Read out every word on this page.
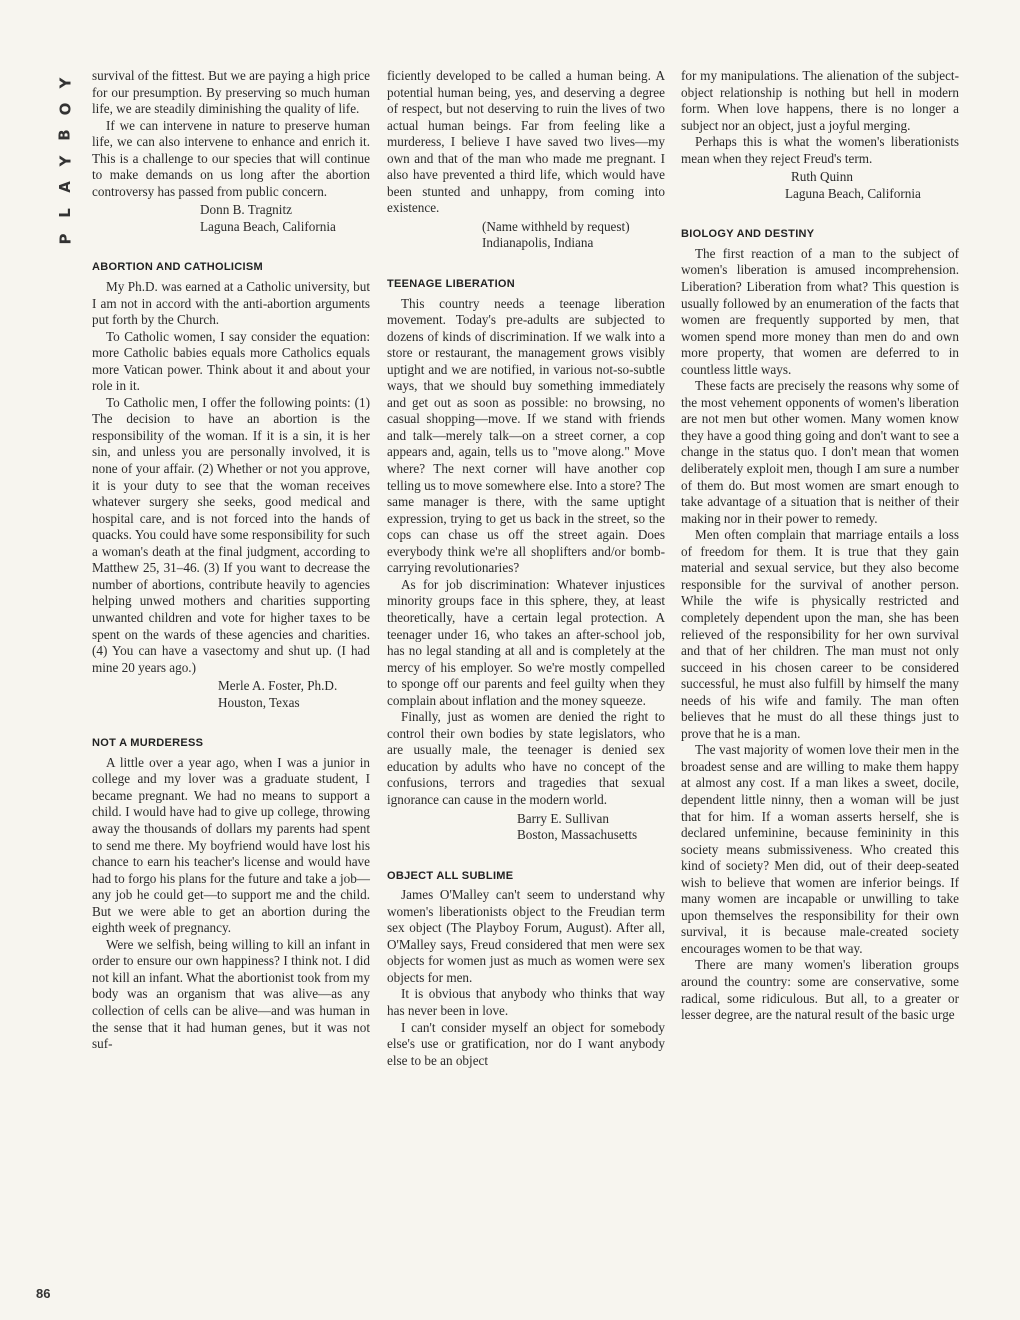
Y
O
B
Y
A
L
P
86

survival of the fittest. But we are paying a high price for our presumption. By preserving so much human life, we are steadily diminishing the quality of life.

If we can intervene in nature to preserve human life, we can also intervene to enhance and enrich it. This is a challenge to our species that will continue to make demands on us long after the abortion controversy has passed from public concern.

Donn B. Tragnitz
Laguna Beach, California
ABORTION AND CATHOLICISM

My Ph.D. was earned at a Catholic university, but I am not in accord with the anti-abortion arguments put forth by the Church.

To Catholic women, I say consider the equation: more Catholic babies equals more Catholics equals more Vatican power. Think about it and about your role in it.

To Catholic men, I offer the following points: (1) The decision to have an abortion is the responsibility of the woman. If it is a sin, it is her sin, and unless you are personally involved, it is none of your affair. (2) Whether or not you approve, it is your duty to see that the woman receives whatever surgery she seeks, good medical and hospital care, and is not forced into the hands of quacks. You could have some responsibility for such a woman's death at the final judgment, according to Matthew 25, 31–46. (3) If you want to decrease the number of abortions, contribute heavily to agencies helping unwed mothers and charities supporting unwanted children and vote for higher taxes to be spent on the wards of these agencies and charities. (4) You can have a vasectomy and shut up. (I had mine 20 years ago.)

Merle A. Foster, Ph.D.
Houston, Texas
NOT A MURDERESS

A little over a year ago, when I was a junior in college and my lover was a graduate student, I became pregnant. We had no means to support a child. I would have had to give up college, throwing away the thousands of dollars my parents had spent to send me there. My boyfriend would have lost his chance to earn his teacher's license and would have had to forgo his plans for the future and take a job—any job he could get—to support me and the child. But we were able to get an abortion during the eighth week of pregnancy.

Were we selfish, being willing to kill an infant in order to ensure our own happiness? I think not. I did not kill an infant. What the abortionist took from my body was an organism that was alive—as any collection of cells can be alive—and was human in the sense that it had human genes, but it was not suf-

ficiently developed to be called a human being. A potential human being, yes, and deserving a degree of respect, but not deserving to ruin the lives of two actual human beings. Far from feeling like a murderess, I believe I have saved two lives—my own and that of the man who made me pregnant. I also have prevented a third life, which would have been stunted and unhappy, from coming into existence.

(Name withheld by request)
Indianapolis, Indiana
TEENAGE LIBERATION

This country needs a teenage liberation movement. Today's pre-adults are subjected to dozens of kinds of discrimination. If we walk into a store or restaurant, the management grows visibly uptight and we are notified, in various not-so-subtle ways, that we should buy something immediately and get out as soon as possible: no browsing, no casual shopping—move. If we stand with friends and talk—merely talk—on a street corner, a cop appears and, again, tells us to "move along." Move where? The next corner will have another cop telling us to move somewhere else. Into a store? The same manager is there, with the same uptight expression, trying to get us back in the street, so the cops can chase us off the street again. Does everybody think we're all shoplifters and/or bomb-carrying revolutionaries?

As for job discrimination: Whatever injustices minority groups face in this sphere, they, at least theoretically, have a certain legal protection. A teenager under 16, who takes an after-school job, has no legal standing at all and is completely at the mercy of his employer. So we're mostly compelled to sponge off our parents and feel guilty when they complain about inflation and the money squeeze.

Finally, just as women are denied the right to control their own bodies by state legislators, who are usually male, the teenager is denied sex education by adults who have no concept of the confusions, terrors and tragedies that sexual ignorance can cause in the modern world.

Barry E. Sullivan
Boston, Massachusetts
OBJECT ALL SUBLIME

James O'Malley can't seem to understand why women's liberationists object to the Freudian term sex object (The Playboy Forum, August). After all, O'Malley says, Freud considered that men were sex objects for women just as much as women were sex objects for men.

It is obvious that anybody who thinks that way has never been in love.

I can't consider myself an object for somebody else's use or gratification, nor do I want anybody else to be an object

for my manipulations. The alienation of the subject-object relationship is nothing but hell in modern form. When love happens, there is no longer a subject nor an object, just a joyful merging.

Perhaps this is what the women's liberationists mean when they reject Freud's term.

Ruth Quinn
Laguna Beach, California
BIOLOGY AND DESTINY

The first reaction of a man to the subject of women's liberation is amused incomprehension. Liberation? Liberation from what? This question is usually followed by an enumeration of the facts that women are frequently supported by men, that women spend more money than men do and own more property, that women are deferred to in countless little ways.

These facts are precisely the reasons why some of the most vehement opponents of women's liberation are not men but other women. Many women know they have a good thing going and don't want to see a change in the status quo. I don't mean that women deliberately exploit men, though I am sure a number of them do. But most women are smart enough to take advantage of a situation that is neither of their making nor in their power to remedy.

Men often complain that marriage entails a loss of freedom for them. It is true that they gain material and sexual service, but they also become responsible for the survival of another person. While the wife is physically restricted and completely dependent upon the man, she has been relieved of the responsibility for her own survival and that of her children. The man must not only succeed in his chosen career to be considered successful, he must also fulfill by himself the many needs of his wife and family. The man often believes that he must do all these things just to prove that he is a man.

The vast majority of women love their men in the broadest sense and are willing to make them happy at almost any cost. If a man likes a sweet, docile, dependent little ninny, then a woman will be just that for him. If a woman asserts herself, she is declared unfeminine, because femininity in this society means submissiveness. Who created this kind of society? Men did, out of their deep-seated wish to believe that women are inferior beings. If many women are incapable or unwilling to take upon themselves the responsibility for their own survival, it is because male-created society encourages women to be that way.

There are many women's liberation groups around the country: some are conservative, some radical, some ridiculous. But all, to a greater or lesser degree, are the natural result of the basic urge
